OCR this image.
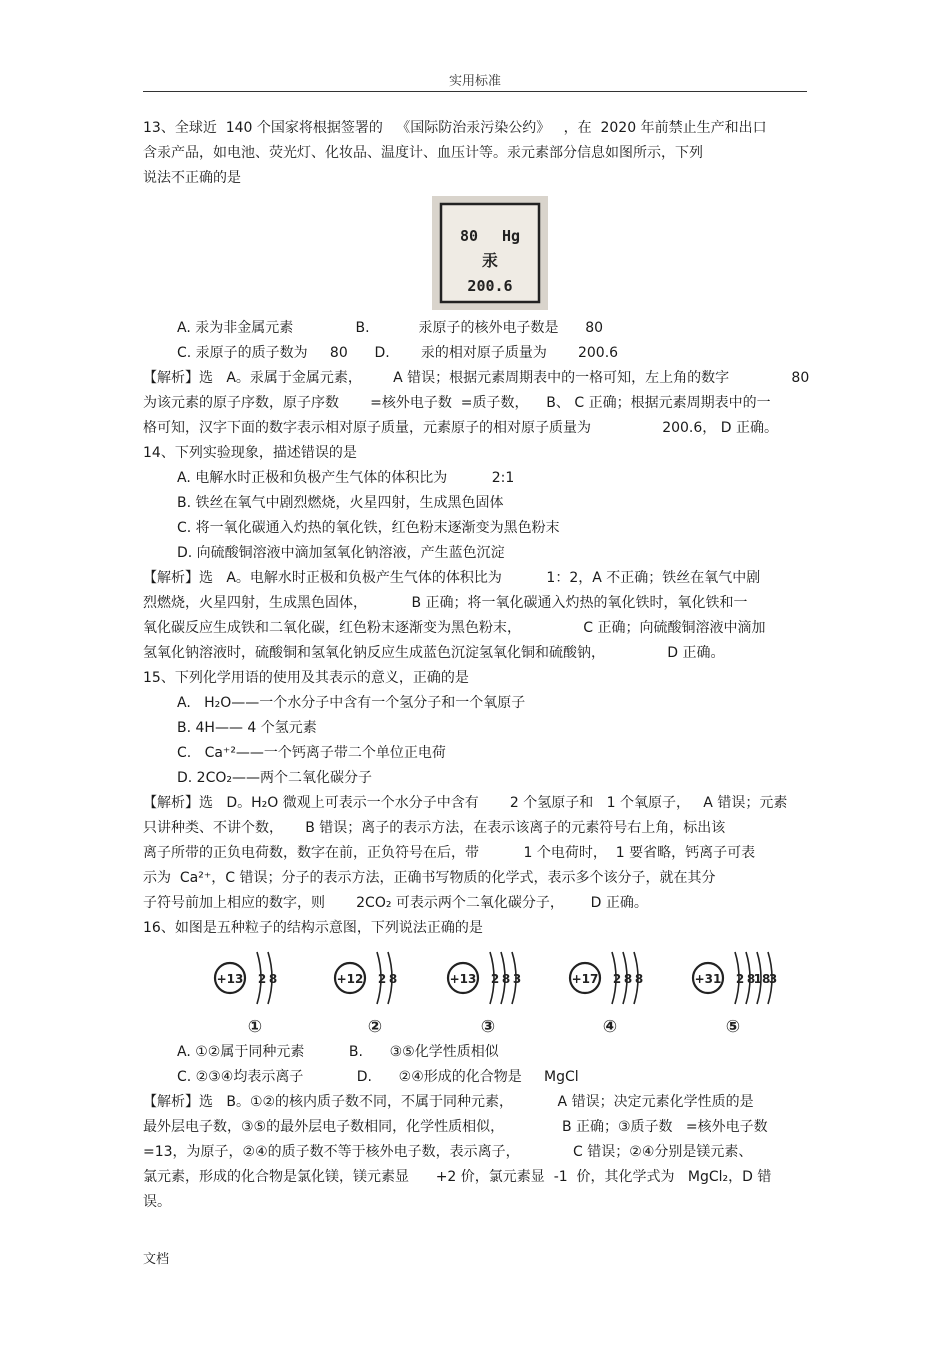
实用标准
13、全球近  140 个国家将根据签署的   《国际防治汞污染公约》   ，在  2020 年前禁止生产和出口
含汞产品，如电池、荧光灯、化妆品、温度计、血压计等。汞元素部分信息如图所示，下列
说法不正确的是
80 Hg
汞
200.6
A. 汞为非金属元素              B.           汞原子的核外电子数是      80
C. 汞原子的质子数为     80      D.       汞的相对原子质量为       200.6
【解析】选   A。汞属于金属元素，       A 错误；根据元素周期表中的一格可知，左上角的数字              80
为该元素的原子序数，原子序数       =核外电子数  =质子数，    B、 C 正确；根据元素周期表中的一
格可知，汉字下面的数字表示相对原子质量，元素原子的相对原子质量为                200.6， D 正确。
14、下列实验现象，描述错误的是
A. 电解水时正极和负极产生气体的体积比为          2:1
B. 铁丝在氧气中剧烈燃烧，火星四射，生成黑色固体
C. 将一氧化碳通入灼热的氧化铁，红色粉末逐渐变为黑色粉末
D. 向硫酸铜溶液中滴加氢氧化钠溶液，产生蓝色沉淀
【解析】选   A。电解水时正极和负极产生气体的体积比为          1：2，A 不正确；铁丝在氧气中剧
烈燃烧，火星四射，生成黑色固体，          B 正确；将一氧化碳通入灼热的氧化铁时，氧化铁和一
氧化碳反应生成铁和二氧化碳，红色粉末逐渐变为黑色粉末，              C 正确；向硫酸铜溶液中滴加
氢氧化钠溶液时，硫酸铜和氢氧化钠反应生成蓝色沉淀氢氧化铜和硫酸钠，              D 正确。
15、下列化学用语的使用及其表示的意义，正确的是
A.   H₂O——一个水分子中含有一个氢分子和一个氧原子
B. 4H—— 4 个氢元素
C.   Ca⁺²——一个钙离子带二个单位正电荷
D. 2CO₂——两个二氧化碳分子
【解析】选   D。H₂O 微观上可表示一个水分子中含有       2 个氢原子和   1 个氧原子，   A 错误；元素
只讲种类、不讲个数，     B 错误；离子的表示方法，在表示该离子的元素符号右上角，标出该
离子所带的正负电荷数，数字在前，正负符号在后，带          1 个电荷时，  1 要省略，钙离子可表
示为  Ca²⁺，C 错误；分子的表示方法，正确书写物质的化学式，表示多个该分子，就在其分
子符号前加上相应的数字，则       2CO₂ 可表示两个二氧化碳分子，      D 正确。
16、如图是五种粒子的结构示意图，下列说法正确的是
+13 2 8
①
+12 2 8
②
+13 2 8 3
③
+17 2 8 8
④
+31 2 8
18
3
⑤
A. ①②属于同种元素          B.      ③⑤化学性质相似
C. ②③④均表示离子            D.      ②④形成的化合物是     MgCl
【解析】选   B。①②的核内质子数不同，不属于同种元素，          A 错误；决定元素化学性质的是
最外层电子数，③⑤的最外层电子数相同，化学性质相似，             B 正确；③质子数   =核外电子数
=13，为原子，②④的质子数不等于核外电子数，表示离子，            C 错误；②④分别是镁元素、
氯元素，形成的化合物是氯化镁，镁元素显      +2 价，氯元素显  -1  价，其化学式为   MgCl₂，D 错
误。
文档
